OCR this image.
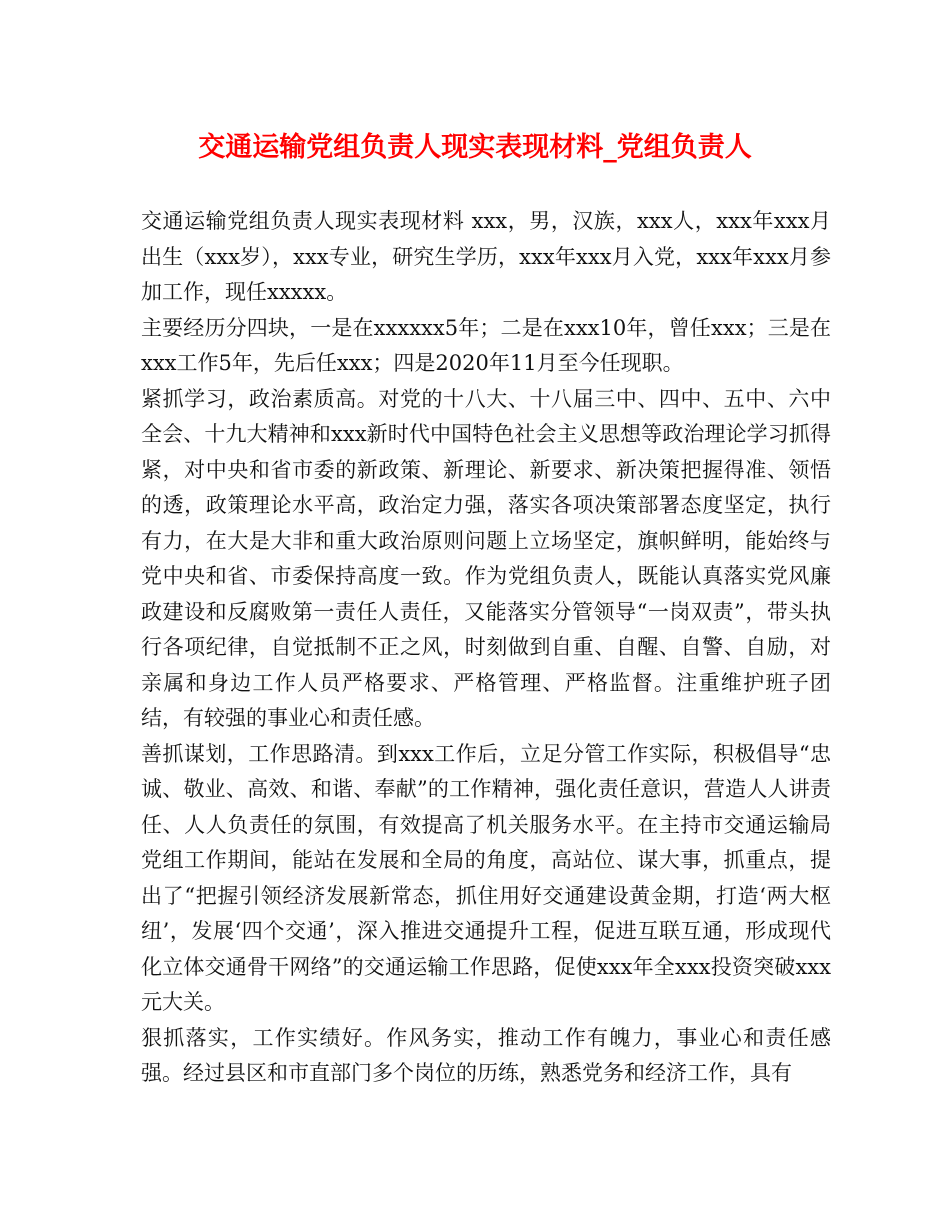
交通运输党组负责人现实表现材料_党组负责人

交通运输党组负责人现实表现材料 xxx，男，汉族，xxx人，xxx年xxx月出生（xxx岁），xxx专业，研究生学历，xxx年xxx月入党，xxx年xxx月参加工作，现任xxxxx。

主要经历分四块，一是在xxxxxx5年；二是在xxx10年，曾任xxx；三是在xxx工作5年，先后任xxx；四是2020年11月至今任现职。

紧抓学习，政治素质高。对党的十八大、十八届三中、四中、五中、六中全会、十九大精神和xxx新时代中国特色社会主义思想等政治理论学习抓得紧，对中央和省市委的新政策、新理论、新要求、新决策把握得准、领悟的透，政策理论水平高，政治定力强，落实各项决策部署态度坚定，执行有力，在大是大非和重大政治原则问题上立场坚定，旗帜鲜明，能始终与党中央和省、市委保持高度一致。作为党组负责人，既能认真落实党风廉政建设和反腐败第一责任人责任，又能落实分管领导“一岗双责”，带头执行各项纪律，自觉抵制不正之风，时刻做到自重、自醒、自警、自励，对亲属和身边工作人员严格要求、严格管理、严格监督。注重维护班子团结，有较强的事业心和责任感。

善抓谋划，工作思路清。到xxx工作后，立足分管工作实际，积极倡导“忠诚、敬业、高效、和谐、奉献”的工作精神，强化责任意识，营造人人讲责任、人人负责任的氛围，有效提高了机关服务水平。在主持市交通运输局党组工作期间，能站在发展和全局的角度，高站位、谋大事，抓重点，提出了“把握引领经济发展新常态，抓住用好交通建设黄金期，打造‘两大枢纽’，发展‘四个交通’，深入推进交通提升工程，促进互联互通，形成现代化立体交通骨干网络”的交通运输工作思路，促使xxx年全xxx投资突破xxx元大关。

狠抓落实，工作实绩好。作风务实，推动工作有魄力，事业心和责任感强。经过县区和市直部门多个岗位的历练，熟悉党务和经济工作，具有
